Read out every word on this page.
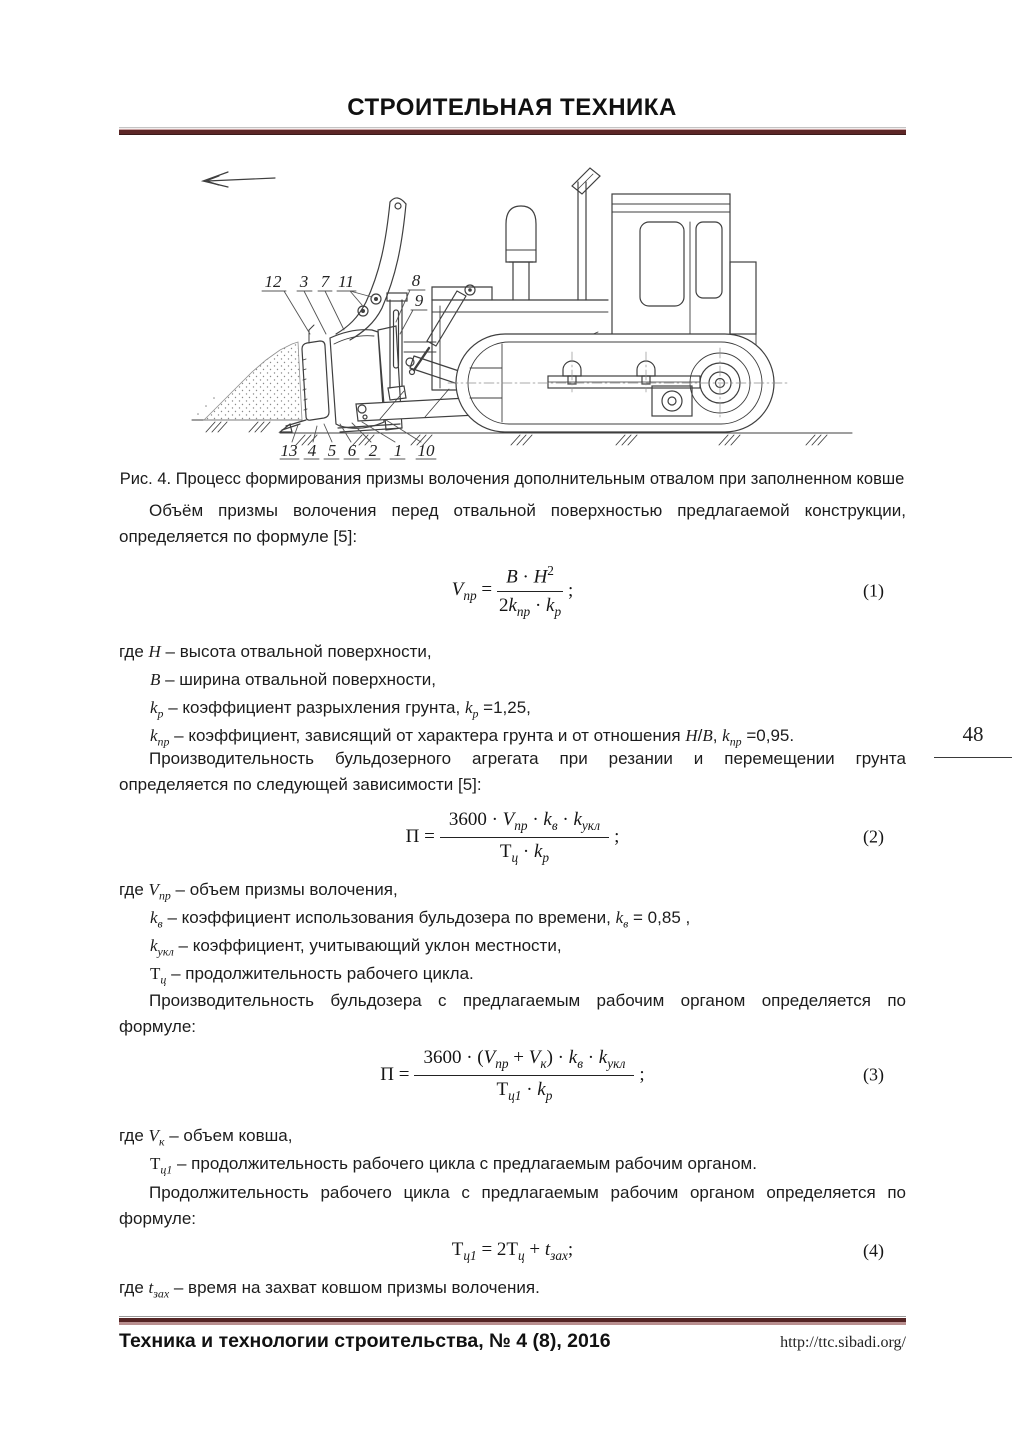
СТРОИТЕЛЬНАЯ ТЕХНИКА
12 3 7 11	8
9
13 4 5 6 2 1 10
Рис. 4. Процесс формирования призмы волочения дополнительным отвалом при заполненном ковше
Объём призмы волочения перед отвальной поверхностью предлагаемой конструкции,
определяется по формуле [5]:
$V_{пр} = \frac{B \cdot H^2}{2k_{пр} \cdot k_р}$ ;	(1)
где H – высота отвальной поверхности,
B – ширина отвальной поверхности,
$k_р$ – коэффициент разрыхления грунта, $k_р =1,25$,
$k_{пр}$ – коэффициент, зависящий от характера грунта и от отношения H/B, $k_{пр} =0,95$.	48
Производительность бульдозерного агрегата при резании и перемещении грунта
определяется по следующей зависимости [5]:
$П = \frac{3600 \cdot V_{пр} \cdot k_в \cdot k_{укл}}{Т_ц \cdot k_р}$ ;	(2)
где $V_{пр}$ – объем призмы волочения,
$k_в$ – коэффициент использования бульдозера по времени, $k_в = 0,85$ ,
$k_{укл}$ – коэффициент, учитывающий уклон местности,
$Т_ц$ – продолжительность рабочего цикла.
Производительность бульдозера с предлагаемым рабочим органом определяется по
формуле:
$П = \frac{3600 \cdot (V_{пр} + V_к) \cdot k_в \cdot k_{укл}}{Т_{ц1} \cdot k_р}$ ;	(3)
где $V_к$ – объем ковша,
$Т_{ц1}$ – продолжительность рабочего цикла с предлагаемым рабочим органом.
Продолжительность рабочего цикла с предлагаемым рабочим органом определяется по
формуле:
$Т_{ц1} = 2Т_ц + t_{зах}$;	(4)
где $t_{зах}$ – время на захват ковшом призмы волочения.
Техника и технологии строительства, № 4 (8), 2016	http://ttc.sibadi.org/
